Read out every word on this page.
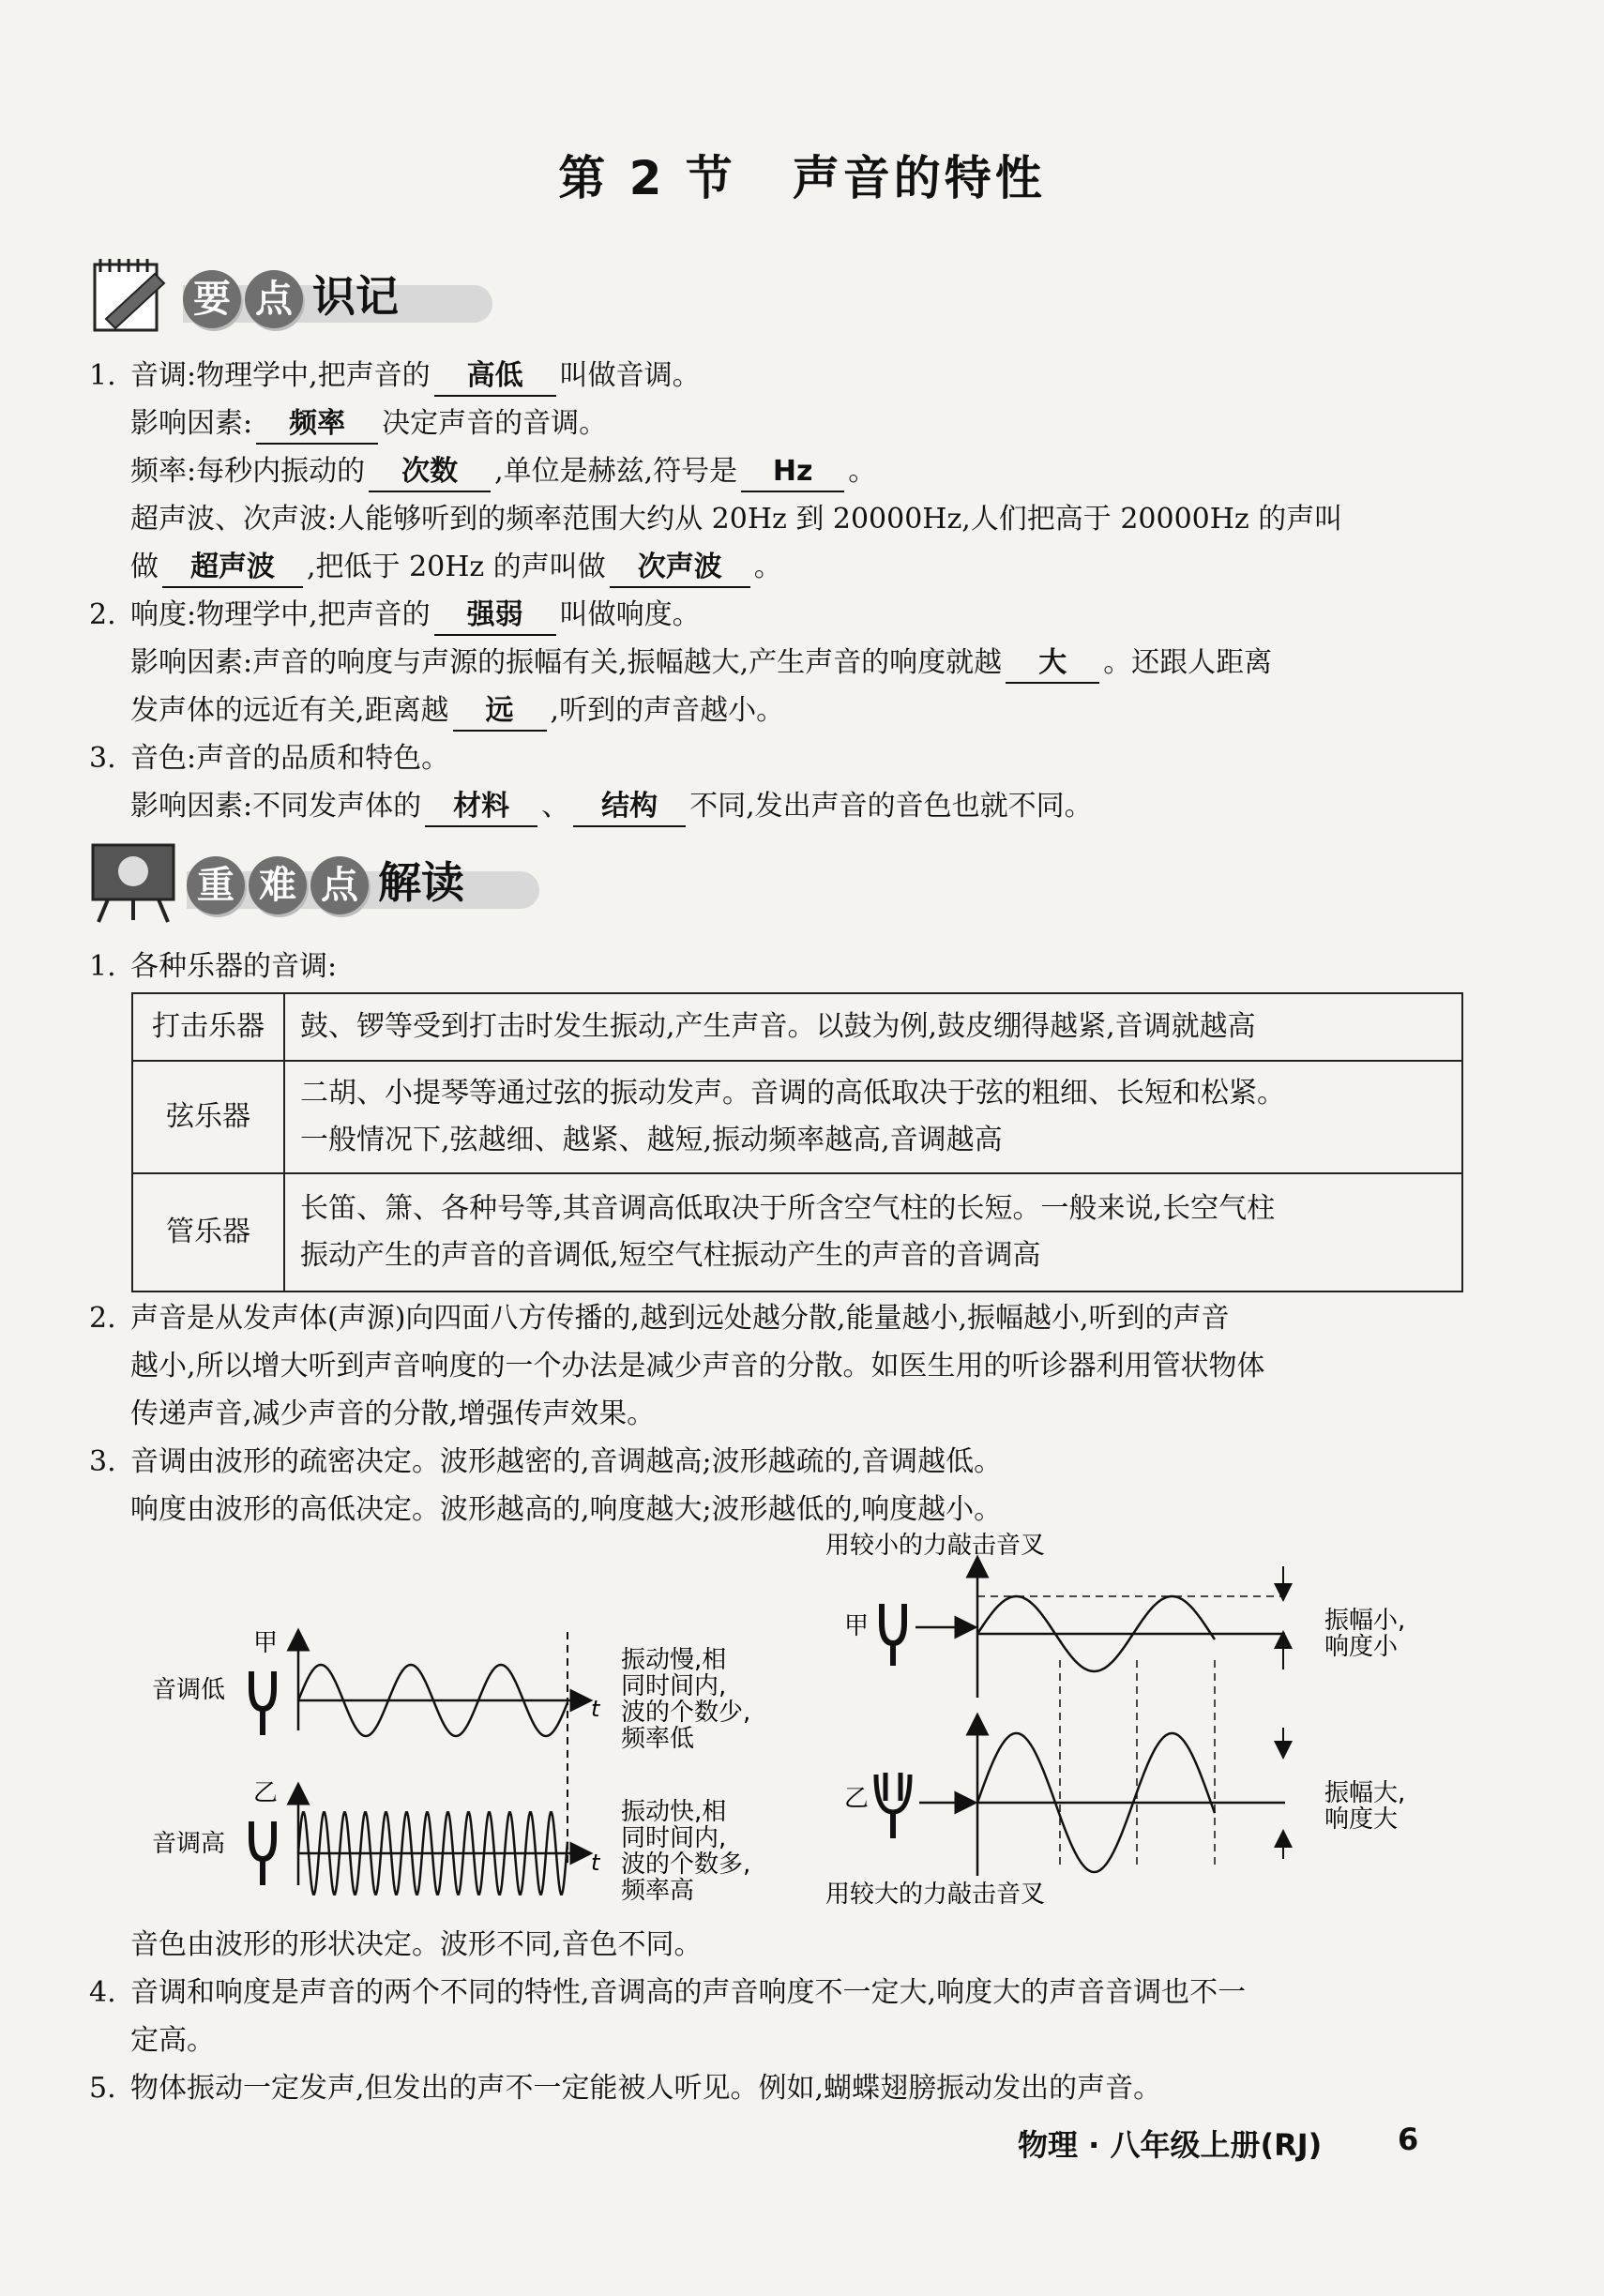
第 2 节 声音的特性
要 点 识记
1. 音调:物理学中,把声音的 高低 叫做音调。
影响因素: 频率 决定声音的音调。
频率:每秒内振动的 次数 ,单位是赫兹,符号是 Hz 。
超声波、次声波:人能够听到的频率范围大约从 20Hz 到 20000Hz,人们把高于 20000Hz 的声叫
做 超声波 ,把低于 20Hz 的声叫做 次声波 。
2. 响度:物理学中,把声音的 强弱 叫做响度。
影响因素:声音的响度与声源的振幅有关,振幅越大,产生声音的响度就越 大 。还跟人距离
发声体的远近有关,距离越 远 ,听到的声音越小。
3. 音色:声音的品质和特色。
影响因素:不同发声体的 材料 、 结构 不同,发出声音的音色也就不同。
重 难 点 解读
1. 各种乐器的音调:
打击乐器	鼓、锣等受到打击时发生振动,产生声音。以鼓为例,鼓皮绷得越紧,音调就越高
弦乐器	二胡、小提琴等通过弦的振动发声。音调的高低取决于弦的粗细、长短和松紧。
一般情况下,弦越细、越紧、越短,振动频率越高,音调越高

管乐器	长笛、箫、各种号等,其音调高低取决于所含空气柱的长短。一般来说,长空气柱
振动产生的声音的音调低,短空气柱振动产生的声音的音调高
2. 声音是从发声体(声源)向四面八方传播的,越到远处越分散,能量越小,振幅越小,听到的声音
越小,所以增大听到声音响度的一个办法是减少声音的分散。如医生用的听诊器利用管状物体
传递声音,减少声音的分散,增强传声效果。
3. 音调由波形的疏密决定。波形越密的,音调越高;波形越疏的,音调越低。
响度由波形的高低决定。波形越高的,响度越大;波形越低的,响度越小。
甲
音调低
t
振动慢,相 同时间内, 波的个数少, 频率低
乙
音调高
t
振动快,相 同时间内, 波的个数多, 频率高
用较小的力敲击音叉
甲	振幅小, 响度小
乙	振幅大, 响度大
用较大的力敲击音叉
音色由波形的形状决定。波形不同,音色不同。
4. 音调和响度是声音的两个不同的特性,音调高的声音响度不一定大,响度大的声音音调也不一
定高。
5. 物体振动一定发声,但发出的声不一定能被人听见。例如,蝴蝶翅膀振动发出的声音。
物理 · 八年级上册(RJ)	6
